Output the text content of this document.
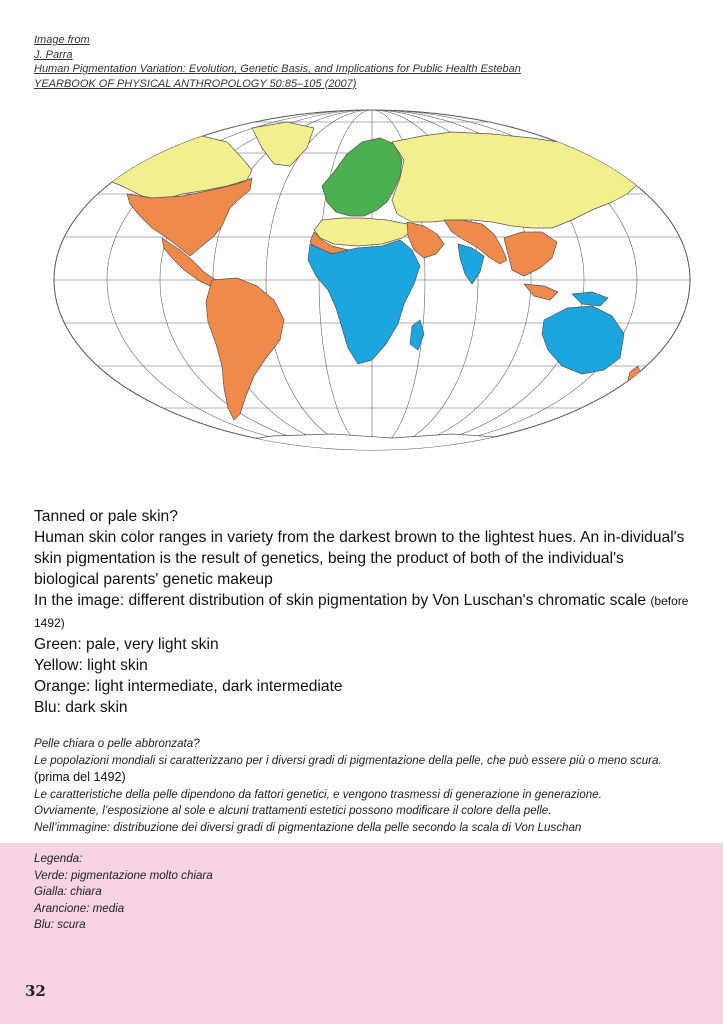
Image from
J. Parra
Human Pigmentation Variation: Evolution, Genetic Basis, and Implications for Public Health Esteban
YEARBOOK OF PHYSICAL ANTHROPOLOGY 50:85–105 (2007)

Tanned or pale skin?

Human skin color ranges in variety from the darkest brown to the lightest hues. An in-dividual's skin pigmentation is the result of genetics, being the product of both of the individual's biological parents' genetic makeup

In the image: different distribution of skin pigmentation by Von Luschan's chromatic scale (before 1492)

Green: pale, very light skin

Yellow: light skin

Orange: light intermediate, dark intermediate

Blu: dark skin

Pelle chiara o pelle abbronzata?

Le popolazioni mondiali si caratterizzano per i diversi gradi di pigmentazione della pelle, che può essere più o meno scura. (prima del 1492)

Le caratteristiche della pelle dipendono da fattori genetici, e vengono trasmessi di generazione in generazione.

Ovviamente, l’esposizione al sole e alcuni trattamenti estetici possono modificare il colore della pelle.

Nell’immagine: distribuzione dei diversi gradi di pigmentazione della pelle secondo la scala di Von Luschan

Legenda:

Verde: pigmentazione molto chiara

Gialla: chiara

Arancione: media

Blu: scura

32
